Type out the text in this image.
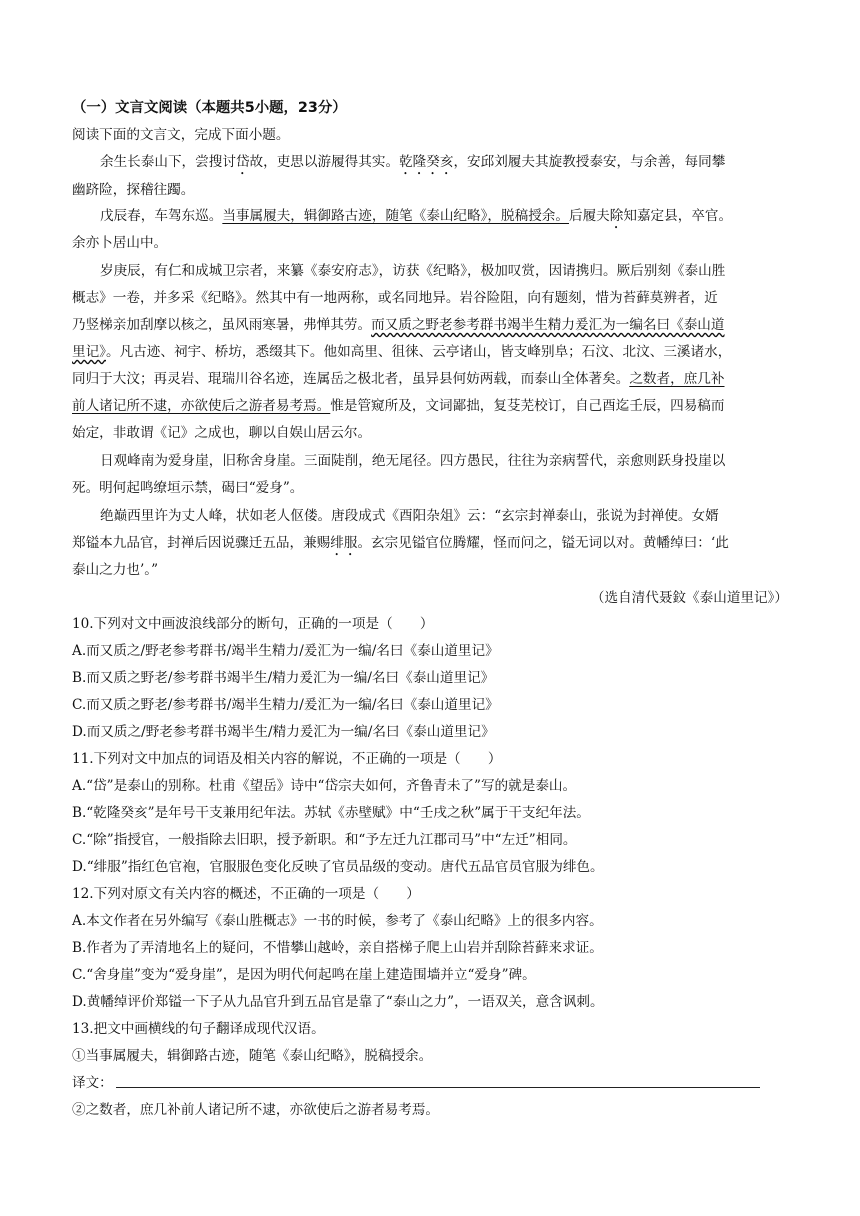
（一）文言文阅读（本题共5小题，23分）
阅读下面的文言文，完成下面小题。
余生长泰山下，尝搜讨岱故，吏思以游履得其实。乾隆癸亥，安邱刘履夫其旋教授泰安，与余善，每同攀
幽跻险，探稽往躅。
戊辰春，车驾东巡。当事属履夫，辑御路古迹，随笔《泰山纪略》，脱稿授余。后履夫除知嘉定县，卒官。
余亦卜居山中。
岁庚辰，有仁和成城卫宗者，来纂《泰安府志》，访获《纪略》，极加叹赏，因请携归。厥后别刻《泰山胜
概志》一卷，并多采《纪略》。然其中有一地两称，或名同地异。岩谷险阻，向有题刻，惜为苔藓莫辨者，近
乃竖梯亲加刮摩以核之，虽风雨寒暑，弗惮其劳。而又质之野老参考群书竭半生精力爰汇为一编名曰《泰山道
里记》。凡古迹、祠宇、桥坊，悉缀其下。他如高里、徂徕、云亭诸山，皆支峰别阜；石汶、北汶、三溪诸水，
同归于大汶；再灵岩、琨瑞川谷名迹，连属岳之极北者，虽异县何妨两载，而泰山全体著矣。之数者，庶几补
前人诸记所不逮，亦欲使后之游者易考焉。惟是管窥所及，文词鄙拙，复芟芜校订，自己酉迄壬辰，四易稿而
始定，非敢谓《记》之成也，聊以自娱山居云尔。
日观峰南为爱身崖，旧称舍身崖。三面陡削，绝无尾径。四方愚民，往往为亲病誓代，亲愈则跃身投崖以
死。明何起鸣缭垣示禁，碣曰“爱身”。
绝巅西里许为丈人峰，状如老人伛偻。唐段成式《酉阳杂俎》云：“玄宗封禅泰山，张说为封禅使。女婿
郑镒本九品官，封禅后因说骤迁五品，兼赐绯服。玄宗见镒官位腾耀，怪而问之，镒无词以对。黄幡绰曰：‘此
泰山之力也’。”
（选自清代聂鈫《泰山道里记》）
10.下列对文中画波浪线部分的断句，正确的一项是（　　）
A.而又质之/野老参考群书/竭半生精力/爰汇为一编/名曰《泰山道里记》
B.而又质之野老/参考群书竭半生/精力爰汇为一编/名曰《泰山道里记》
C.而又质之野老/参考群书/竭半生精力/爰汇为一编/名曰《泰山道里记》
D.而又质之/野老参考群书竭半生/精力爰汇为一编/名曰《泰山道里记》
11.下列对文中加点的词语及相关内容的解说，不正确的一项是（　　）
A.“岱”是泰山的别称。杜甫《望岳》诗中“岱宗夫如何，齐鲁青未了”写的就是泰山。
B.“乾隆癸亥”是年号干支兼用纪年法。苏轼《赤壁赋》中“壬戌之秋”属于干支纪年法。
C.“除”指授官，一般指除去旧职，授予新职。和“予左迁九江郡司马”中“左迁”相同。
D.“绯服”指红色官袍，官服服色变化反映了官员品级的变动。唐代五品官员官服为绯色。
12.下列对原文有关内容的概述，不正确的一项是（　　）
A.本文作者在另外编写《泰山胜概志》一书的时候，参考了《泰山纪略》上的很多内容。
B.作者为了弄清地名上的疑问，不惜攀山越岭，亲自搭梯子爬上山岩并刮除苔藓来求证。
C.“舍身崖”变为“爱身崖”，是因为明代何起鸣在崖上建造围墙并立“爱身”碑。
D.黄幡绰评价郑镒一下子从九品官升到五品官是靠了“泰山之力”，一语双关，意含讽刺。
13.把文中画横线的句子翻译成现代汉语。
①当事属履夫，辑御路古迹，随笔《泰山纪略》，脱稿授余。
译文：
②之数者，庶几补前人诸记所不逮，亦欲使后之游者易考焉。
